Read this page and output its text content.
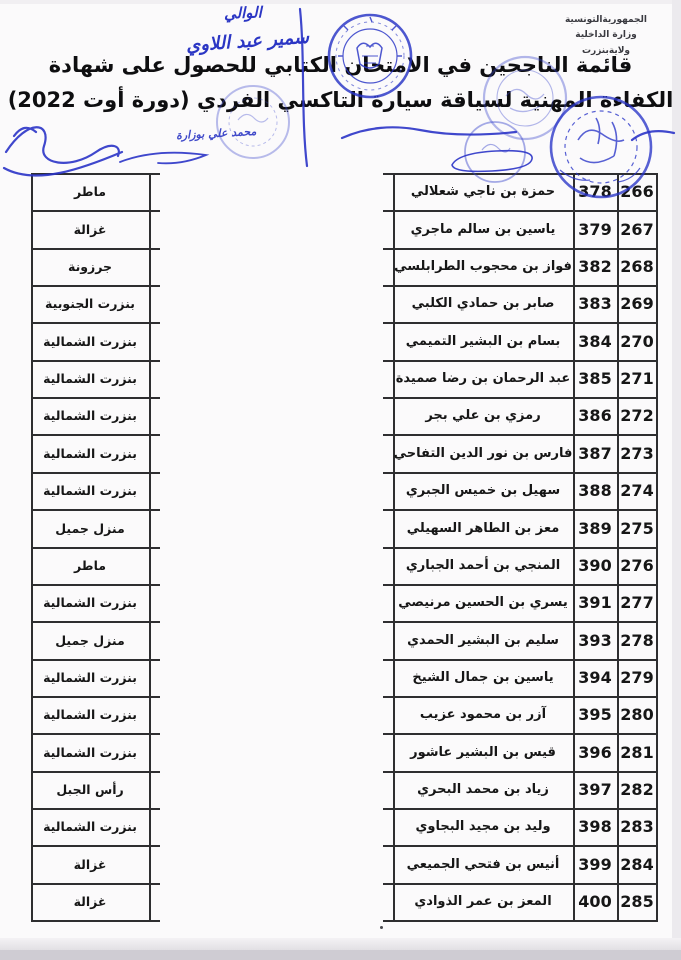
الجمهوريةالتونسية
وزارة الداخلية
ولايةبنزرت
قائمة الناجحين في الامتحان الكتابي للحصول على شهادة
الكفاءة المهنية لسياقة سيارة التاكسي الفردي (دورة أوت 2022)
الوالي
سمير عبد اللاوي
محمد علي بوزارة
ماطر	حمزة بن ناجي شعلالي	378 266
غزالة	ياسين بن سالم ماجري	379 267
جرزونة	فواز بن محجوب الطرابلسي 382 268
بنزرت الجنوبية	صابر بن حمادي الكلبي	383 269
بنزرت الشمالية	بسام بن البشير التميمي	384 270
بنزرت الشمالية	عبد الرحمان بن رضا صميدة 385 271
بنزرت الشمالية	رمزي بن علي بجر	386 272
بنزرت الشمالية	فارس بن نور الدين التفاحي 387 273
بنزرت الشمالية	سهيل بن خميس الجبري	388 274
منزل جميل	معز بن الطاهر السهيلي	389 275
ماطر	المنجي بن أحمد الجباري	390 276
بنزرت الشمالية	يسري بن الحسين مرنيصي 391 277
منزل جميل	سليم بن البشير الحمدي	393 278
بنزرت الشمالية	ياسين بن جمال الشيخ	394 279
بنزرت الشمالية	آزر بن محمود عزيب	395 280
بنزرت الشمالية	قيس بن البشير عاشور	396 281
رأس الجبل	زياد بن محمد البحري	397 282
بنزرت الشمالية	وليد بن مجيد البجاوي	398 283
غزالة	أنيس بن فتحي الجميعي	399 284
غزالة	المعز بن عمر الذوادي	400 285
